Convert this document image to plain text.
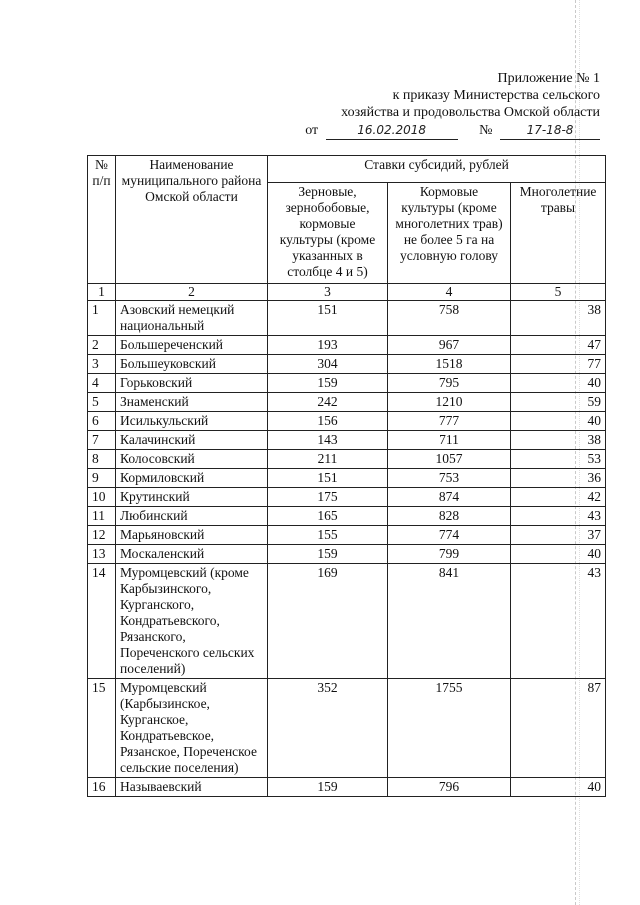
Приложение № 1
к приказу Министерства сельского
хозяйства и продовольства Омской области
от	16.02.2018	№	17-18-8
№ п/п	Наименование муниципального района Омской области	Ставки субсидий, рублей		
		Зерновые, зернобобовые, кормовые культуры (кроме указанных в столбце 4 и 5)	Кормовые культуры (кроме многолетних трав) не более 5 га на условную голову	Многолетние травы
1	2	3	4	5
1	Азовский немецкий национальный	151	758	38
2	Большереченский	193	967	47
3	Большеуковский	304	1518	77
4	Горьковский	159	795	40
5	Знаменский	242	1210	59
6	Исилькульский	156	777	40
7	Калачинский	143	711	38
8	Колосовский	211	1057	53
9	Кормиловский	151	753	36
10	Крутинский	175	874	42
11	Любинский	165	828	43
12	Марьяновский	155	774	37
13	Москаленский	159	799	40
14	Муромцевский (кроме Карбызинского, Курганского, Кондратьевского, Рязанского, Пореченского сельских поселений)	169	841	43
15	Муромцевский (Карбызинское, Курганское, Кондратьевское, Рязанское, Пореченское сельские поселения)	352	1755	87
16	Называевский	159	796	40
